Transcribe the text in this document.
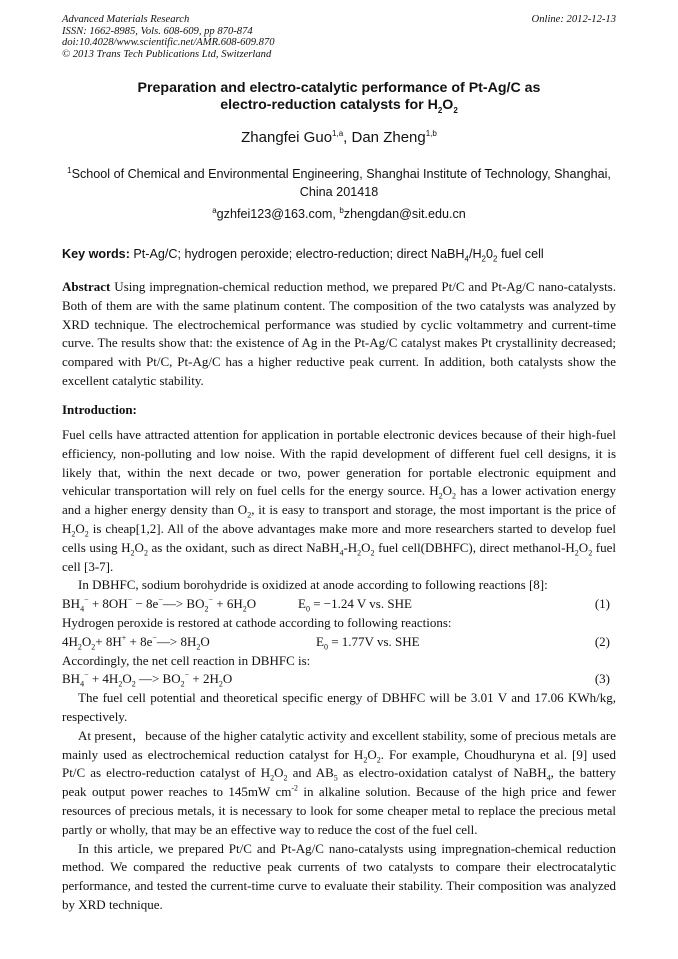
Advanced Materials Research
ISSN: 1662-8985, Vols. 608-609, pp 870-874
doi:10.4028/www.scientific.net/AMR.608-609.870
© 2013 Trans Tech Publications Ltd, Switzerland
Online: 2012-12-13
Preparation and electro-catalytic performance of Pt-Ag/C as
electro-reduction catalysts for $H_2O_2$
Zhangfei Guo$^{1,a}$, Dan Zheng$^{1,b}$
$^1$School of Chemical and Environmental Engineering, Shanghai Institute of Technology, Shanghai,
China 201418
$^a$gzhfei123@163.com, $^b$zhengdan@sit.edu.cn
Key words: Pt-Ag/C; hydrogen peroxide; electro-reduction; direct $NaBH_4/H_20_2$ fuel cell
Abstract Using impregnation-chemical reduction method, we prepared Pt/C and Pt-Ag/C nano-catalysts. Both of them are with the same platinum content. The composition of the two catalysts was analyzed by XRD technique. The electrochemical performance was studied by cyclic voltammetry and current-time curve. The results show that: the existence of Ag in the Pt-Ag/C catalyst makes Pt crystallinity decreased; compared with Pt/C, Pt-Ag/C has a higher reductive peak current. In addition, both catalysts show the excellent catalytic stability.
Introduction:

Fuel cells have attracted attention for application in portable electronic devices because of their high-fuel efficiency, non-polluting and low noise. With the rapid development of different fuel cell designs, it is likely that, within the next decade or two, power generation for portable electronic equipment and vehicular transportation will rely on fuel cells for the energy source. $H_2O_2$ has a lower activation energy and a higher energy density than $O_2$, it is easy to transport and storage, the most important is the price of $H_2O_2$ is cheap[1,2]. All of the above advantages make more and more researchers started to develop fuel cells using $H_2O_2$ as the oxidant, such as direct $NaBH_4-H_2O_2$ fuel cell(DBHFC), direct methanol-$H_2O_2$ fuel cell [3-7].

In DBHFC, sodium borohydride is oxidized at anode according to following reactions [8]:

$BH_4^- + 8OH^-$ − 8e−—> $BO_2^- + 6H_2O$	$E_0 = -1.24$ V vs. SHE	(1)

Hydrogen peroxide is restored at cathode according to following reactions:

$4H_2O_2+ 8H^+$ + 8e−—> $8H_2O$	$E_0 = 1.77V$ vs. SHE	(2)

Accordingly, the net cell reaction in DBHFC is:

$BH_4^- + 4H_2O_2$ —> $BO_2^- + 2H_2O$	(3)

The fuel cell potential and theoretical specific energy of DBHFC will be 3.01 V and 17.06 KWh/kg, respectively.

At present，because of the higher catalytic activity and excellent stability, some of precious metals are mainly used as electrochemical reduction catalyst for $H_2O_2$. For example, Choudhuryna et al. [9] used Pt/C as electro-reduction catalyst of $H_2O_2$ and $AB_5$ as electro-oxidation catalyst of NaBH$_4$, the battery peak output power reaches to 145mW $cm^{-2}$ in alkaline solution. Because of the high price and fewer resources of precious metals, it is necessary to look for some cheaper metal to replace the precious metal partly or wholly, that may be an effective way to reduce the cost of the fuel cell.

In this article, we prepared Pt/C and Pt-Ag/C nano-catalysts using impregnation-chemical reduction method. We compared the reductive peak currents of two catalysts to compare their electrocatalytic performance, and tested the current-time curve to evaluate their stability. Their composition was analyzed by XRD technique.
